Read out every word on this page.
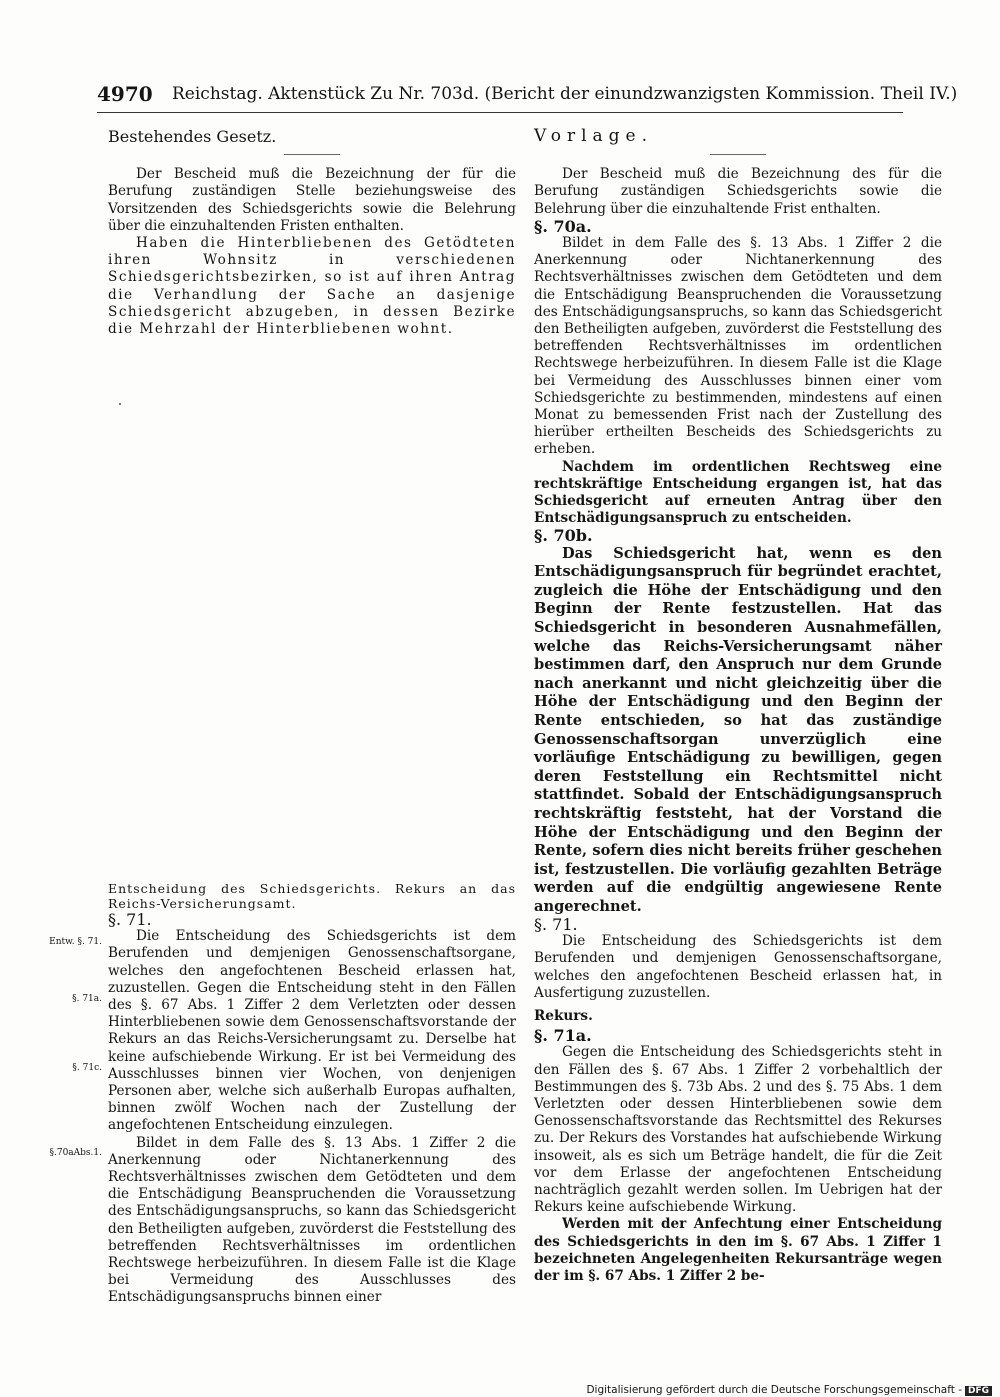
4970 Reichstag. Aktenstück Zu Nr. 703d. (Bericht der einundzwanzigsten Kommission. Theil IV.)

Bestehendes Gesetz.

Der Bescheid muß die Bezeichnung der für die Berufung zuständigen Stelle beziehungsweise des Vorsitzenden des Schiedsgerichts sowie die Belehrung über die einzuhaltenden Fristen enthalten.

Haben die Hinterbliebenen des Getödteten ihren Wohnsitz in verschiedenen Schiedsgerichtsbezirken, so ist auf ihren Antrag die Verhandlung der Sache an dasjenige Schiedsgericht abzugeben, in dessen Bezirke die Mehrzahl der Hinterbliebenen wohnt.

Entscheidung des Schiedsgerichts. Rekurs an das Reichs-Versicherungsamt.

§. 71.

Die Entscheidung des Schiedsgerichts ist dem Berufenden und demjenigen Genossenschaftsorgane, welches den angefochtenen Bescheid erlassen hat, zuzustellen. Gegen die Entscheidung steht in den Fällen des §. 67 Abs. 1 Ziffer 2 dem Verletzten oder dessen Hinterbliebenen sowie dem Genossenschaftsvorstande der Rekurs an das Reichs-Versicherungsamt zu. Derselbe hat keine aufschiebende Wirkung. Er ist bei Vermeidung des Ausschlusses binnen vier Wochen, von denjenigen Personen aber, welche sich außerhalb Europas aufhalten, binnen zwölf Wochen nach der Zustellung der angefochtenen Entscheidung einzulegen.

Bildet in dem Falle des §. 13 Abs. 1 Ziffer 2 die Anerkennung oder Nichtanerkennung des Rechtsverhältnisses zwischen dem Getödteten und dem die Entschädigung Beanspruchenden die Voraussetzung des Entschädigungsanspruchs, so kann das Schiedsgericht den Betheiligten aufgeben, zuvörderst die Feststellung des betreffenden Rechtsverhältnisses im ordentlichen Rechtswege herbeizuführen. In diesem Falle ist die Klage bei Vermeidung des Ausschlusses des Entschädigungsanspruchs binnen einer

Entw. §. 71.
§. 71a.
§. 71c.
§.70aAbs.1.

Vorlage.

Der Bescheid muß die Bezeichnung des für die Berufung zuständigen Schiedsgerichts sowie die Belehrung über die einzuhaltende Frist enthalten.

§. 70a.

Bildet in dem Falle des §. 13 Abs. 1 Ziffer 2 die Anerkennung oder Nichtanerkennung des Rechtsverhältnisses zwischen dem Getödteten und dem die Entschädigung Beanspruchenden die Voraussetzung des Entschädigungsanspruchs, so kann das Schiedsgericht den Betheiligten aufgeben, zuvörderst die Feststellung des betreffenden Rechtsverhältnisses im ordentlichen Rechtswege herbeizuführen. In diesem Falle ist die Klage bei Vermeidung des Ausschlusses binnen einer vom Schiedsgerichte zu bestimmenden, mindestens auf einen Monat zu bemessenden Frist nach der Zustellung des hierüber ertheilten Bescheids des Schiedsgerichts zu erheben.

Nachdem im ordentlichen Rechtsweg eine rechtskräftige Entscheidung ergangen ist, hat das Schiedsgericht auf erneuten Antrag über den Entschädigungsanspruch zu entscheiden.

§. 70b.

Das Schiedsgericht hat, wenn es den Entschädigungsanspruch für begründet erachtet, zugleich die Höhe der Entschädigung und den Beginn der Rente festzustellen. Hat das Schiedsgericht in besonderen Ausnahmefällen, welche das Reichs-Versicherungsamt näher bestimmen darf, den Anspruch nur dem Grunde nach anerkannt und nicht gleichzeitig über die Höhe der Entschädigung und den Beginn der Rente entschieden, so hat das zuständige Genossenschaftsorgan unverzüglich eine vorläufige Entschädigung zu bewilligen, gegen deren Feststellung ein Rechtsmittel nicht stattfindet. Sobald der Entschädigungsanspruch rechtskräftig feststeht, hat der Vorstand die Höhe der Entschädigung und den Beginn der Rente, sofern dies nicht bereits früher geschehen ist, festzustellen. Die vorläufig gezahlten Beträge werden auf die endgültig angewiesene Rente angerechnet.

§. 71.

Die Entscheidung des Schiedsgerichts ist dem Berufenden und demjenigen Genossenschaftsorgane, welches den angefochtenen Bescheid erlassen hat, in Ausfertigung zuzustellen.

Rekurs.

§. 71a.

Gegen die Entscheidung des Schiedsgerichts steht in den Fällen des §. 67 Abs. 1 Ziffer 2 vorbehaltlich der Bestimmungen des §. 73b Abs. 2 und des §. 75 Abs. 1 dem Verletzten oder dessen Hinterbliebenen sowie dem Genossenschaftsvorstande das Rechtsmittel des Rekurses zu. Der Rekurs des Vorstandes hat aufschiebende Wirkung insoweit, als es sich um Beträge handelt, die für die Zeit vor dem Erlasse der angefochtenen Entscheidung nachträglich gezahlt werden sollen. Im Uebrigen hat der Rekurs keine aufschiebende Wirkung.

Werden mit der Anfechtung einer Entscheidung des Schiedsgerichts in den im §. 67 Abs. 1 Ziffer 1 bezeichneten Angelegenheiten Rekursanträge wegen der im §. 67 Abs. 1 Ziffer 2 be-

Digitalisierung gefördert durch die Deutsche Forschungsgemeinschaft - DFG
